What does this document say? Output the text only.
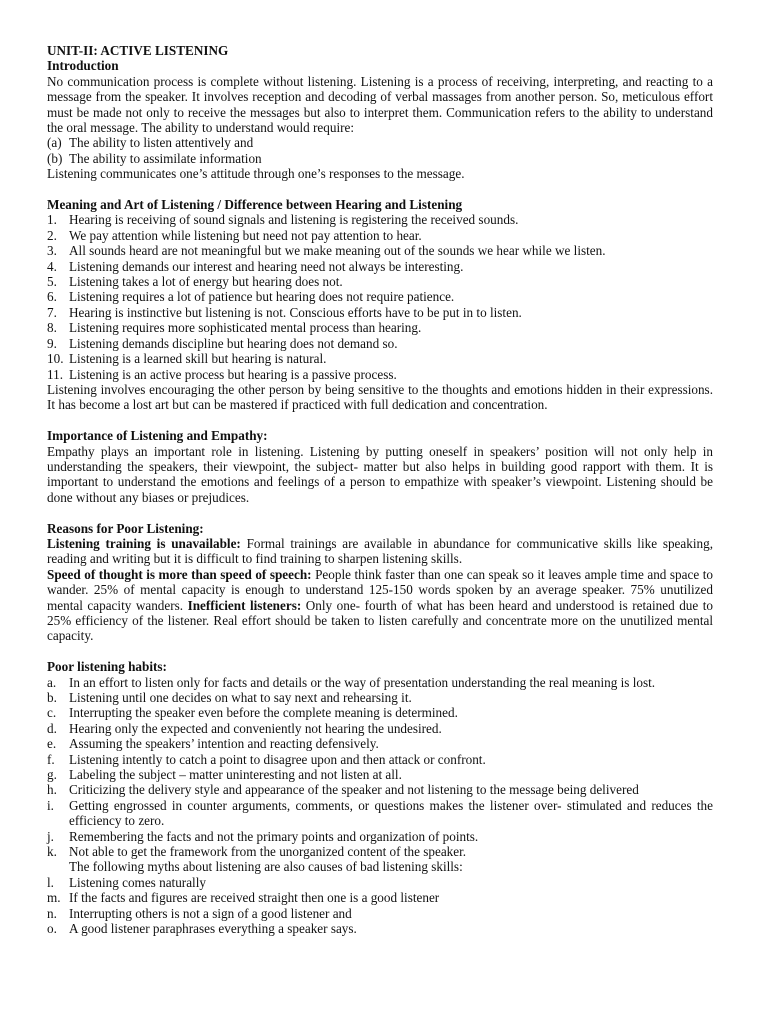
UNIT-II: ACTIVE LISTENING
Introduction

No communication process is complete without listening. Listening is a process of receiving, interpreting, and reacting to a message from the speaker. It involves reception and decoding of verbal massages from another person. So, meticulous effort must be made not only to receive the messages but also to interpret them. Communication refers to the ability to understand the oral message. The ability to understand would require:

(a) The ability to listen attentively and
(b) The ability to assimilate information

Listening communicates one’s attitude through one’s responses to the message.

Meaning and Art of Listening / Difference between Hearing and Listening
1. Hearing is receiving of sound signals and listening is registering the received sounds.
2. We pay attention while listening but need not pay attention to hear.
3. All sounds heard are not meaningful but we make meaning out of the sounds we hear while we listen.
4. Listening demands our interest and hearing need not always be interesting.
5. Listening takes a lot of energy but hearing does not.
6. Listening requires a lot of patience but hearing does not require patience.
7. Hearing is instinctive but listening is not. Conscious efforts have to be put in to listen.
8. Listening requires more sophisticated mental process than hearing.
9. Listening demands discipline but hearing does not demand so.
10. Listening is a learned skill but hearing is natural.
11. Listening is an active process but hearing is a passive process.

Listening involves encouraging the other person by being sensitive to the thoughts and emotions hidden in their expressions. It has become a lost art but can be mastered if practiced with full dedication and concentration.

Importance of Listening and Empathy:

Empathy plays an important role in listening. Listening by putting oneself in speakers’ position will not only help in understanding the speakers, their viewpoint, the subject- matter but also helps in building good rapport with them. It is important to understand the emotions and feelings of a person to empathize with speaker’s viewpoint. Listening should be done without any biases or prejudices.

Reasons for Poor Listening:

Listening training is unavailable: Formal trainings are available in abundance for communicative skills like speaking, reading and writing but it is difficult to find training to sharpen listening skills.

Speed of thought is more than speed of speech: People think faster than one can speak so it leaves ample time and space to wander. 25% of mental capacity is enough to understand 125-150 words spoken by an average speaker. 75% unutilized mental capacity wanders. Inefficient listeners: Only one- fourth of what has been heard and understood is retained due to 25% efficiency of the listener. Real effort should be taken to listen carefully and concentrate more on the unutilized mental capacity.

Poor listening habits:
a. In an effort to listen only for facts and details or the way of presentation understanding the real meaning is lost.
b. Listening until one decides on what to say next and rehearsing it.
c. Interrupting the speaker even before the complete meaning is determined.
d. Hearing only the expected and conveniently not hearing the undesired.
e. Assuming the speakers’ intention and reacting defensively.
f. Listening intently to catch a point to disagree upon and then attack or confront.
g. Labeling the subject – matter uninteresting and not listen at all.
h. Criticizing the delivery style and appearance of the speaker and not listening to the message being delivered
i. Getting engrossed in counter arguments, comments, or questions makes the listener over- stimulated and reduces the efficiency to zero.
j. Remembering the facts and not the primary points and organization of points.
k. Not able to get the framework from the unorganized content of the speaker.
The following myths about listening are also causes of bad listening skills:
l. Listening comes naturally
m. If the facts and figures are received straight then one is a good listener
n. Interrupting others is not a sign of a good listener and
o. A good listener paraphrases everything a speaker says.
